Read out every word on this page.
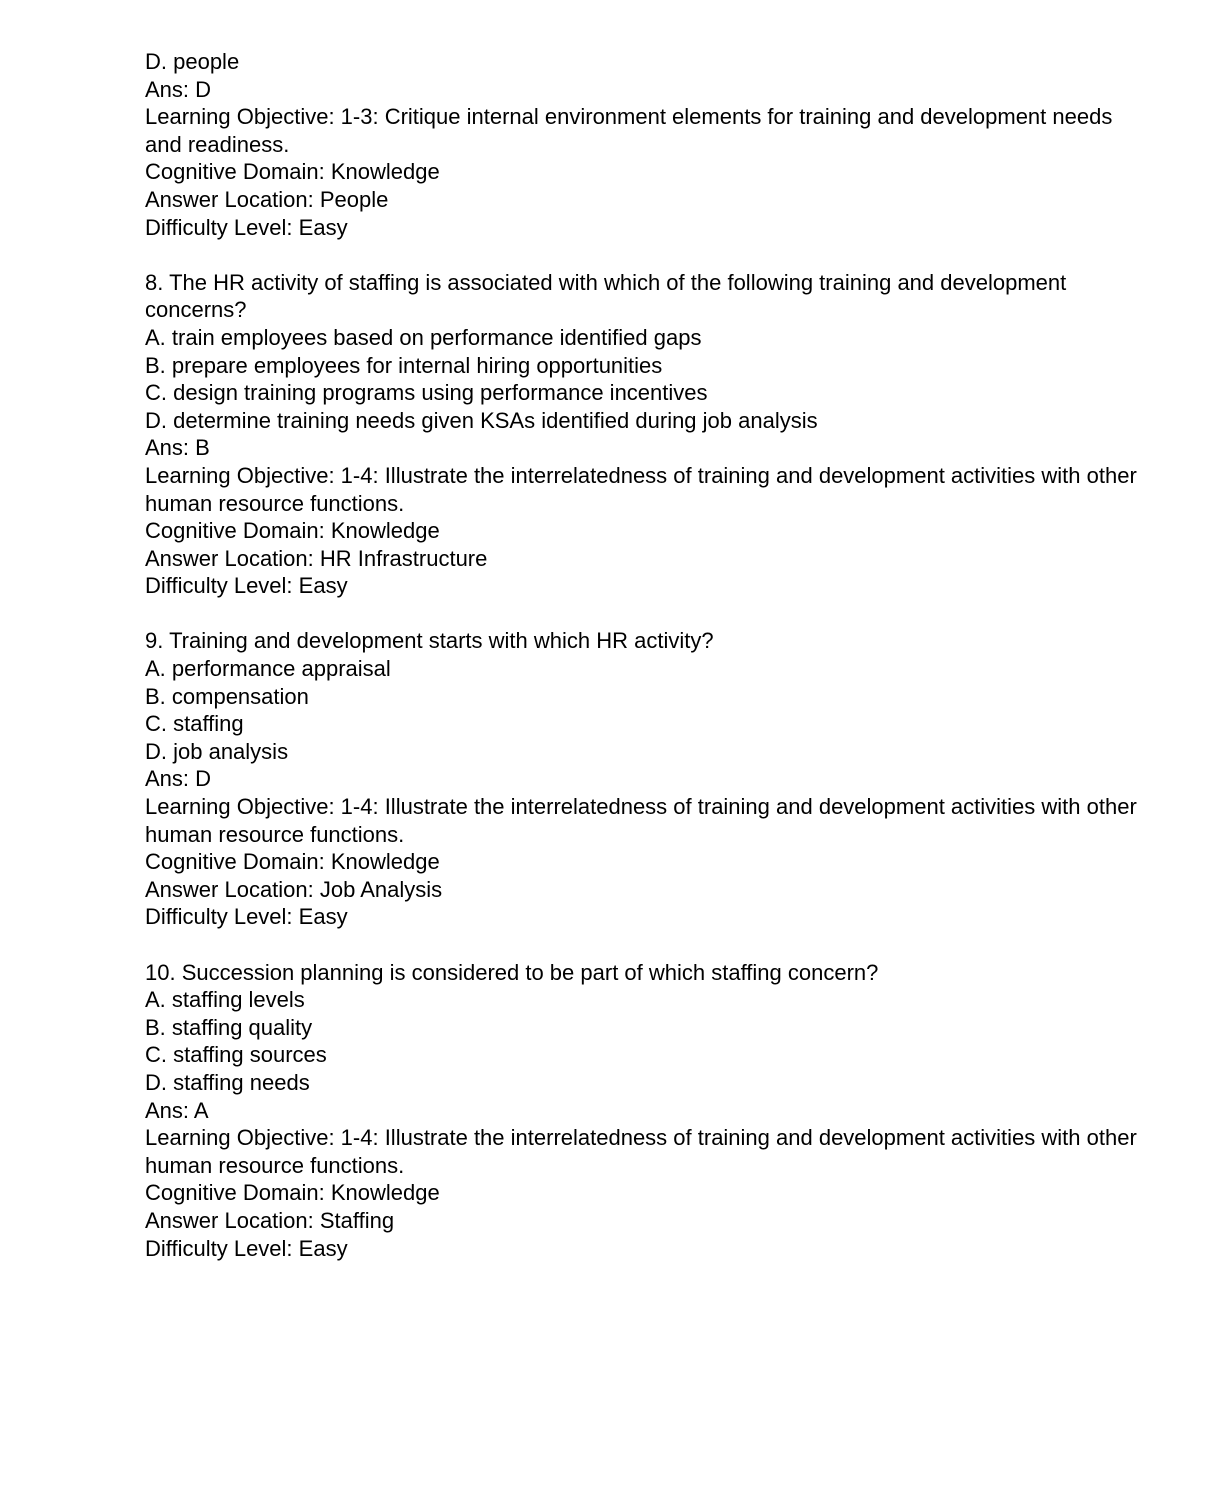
D. people
Ans: D
Learning Objective: 1-3: Critique internal environment elements for training and development needs and readiness.
Cognitive Domain: Knowledge
Answer Location: People
Difficulty Level: Easy
8. The HR activity of staffing is associated with which of the following training and development concerns?
A. train employees based on performance identified gaps
B. prepare employees for internal hiring opportunities
C. design training programs using performance incentives
D. determine training needs given KSAs identified during job analysis
Ans: B
Learning Objective: 1-4: Illustrate the interrelatedness of training and development activities with other human resource functions.
Cognitive Domain: Knowledge
Answer Location: HR Infrastructure
Difficulty Level: Easy
9. Training and development starts with which HR activity?
A. performance appraisal
B. compensation
C. staffing
D. job analysis
Ans: D
Learning Objective: 1-4: Illustrate the interrelatedness of training and development activities with other human resource functions.
Cognitive Domain: Knowledge
Answer Location: Job Analysis
Difficulty Level: Easy
10. Succession planning is considered to be part of which staffing concern?
A. staffing levels
B. staffing quality
C. staffing sources
D. staffing needs
Ans: A
Learning Objective: 1-4: Illustrate the interrelatedness of training and development activities with other human resource functions.
Cognitive Domain: Knowledge
Answer Location: Staffing
Difficulty Level: Easy
